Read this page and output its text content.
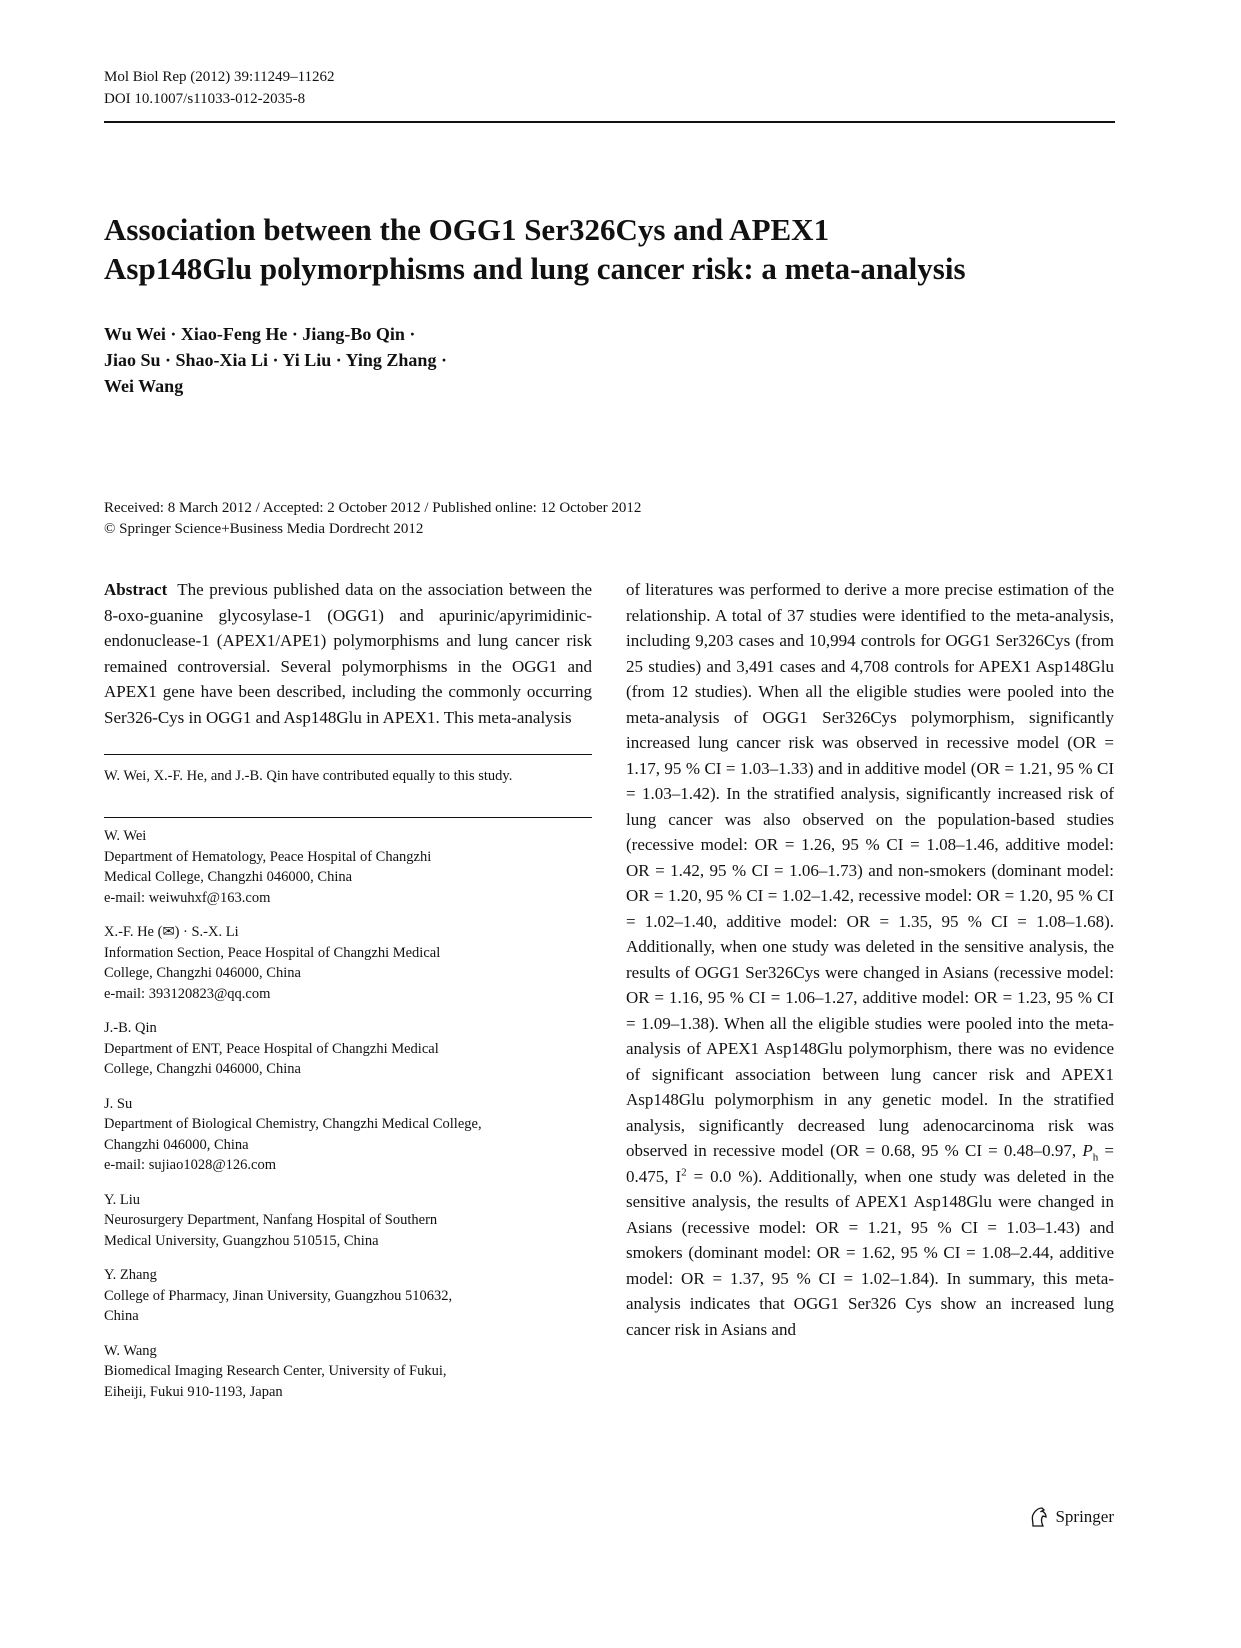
Mol Biol Rep (2012) 39:11249–11262
DOI 10.1007/s11033-012-2035-8
Association between the OGG1 Ser326Cys and APEX1
Asp148Glu polymorphisms and lung cancer risk: a meta-analysis
Wu Wei · Xiao-Feng He · Jiang-Bo Qin ·
Jiao Su · Shao-Xia Li · Yi Liu · Ying Zhang ·
Wei Wang
Received: 8 March 2012 / Accepted: 2 October 2012 / Published online: 12 October 2012
© Springer Science+Business Media Dordrecht 2012
Abstract The previous published data on the association between the 8-oxo-guanine glycosylase-1 (OGG1) and apurinic/apyrimidinic-endonuclease-1 (APEX1/APE1) polymorphisms and lung cancer risk remained controversial. Several polymorphisms in the OGG1 and APEX1 gene have been described, including the commonly occurring Ser326-Cys in OGG1 and Asp148Glu in APEX1. This meta-analysis
W. Wei, X.-F. He, and J.-B. Qin have contributed equally to this study.

W. Wei

Department of Hematology, Peace Hospital of Changzhi

Medical College, Changzhi 046000, China

e-mail: weiwuhxf@163.com

X.-F. He (✉) · S.-X. Li

Information Section, Peace Hospital of Changzhi Medical

College, Changzhi 046000, China

e-mail: 393120823@qq.com

J.-B. Qin

Department of ENT, Peace Hospital of Changzhi Medical

College, Changzhi 046000, China

J. Su

Department of Biological Chemistry, Changzhi Medical College,

Changzhi 046000, China

e-mail: sujiao1028@126.com

Y. Liu

Neurosurgery Department, Nanfang Hospital of Southern

Medical University, Guangzhou 510515, China

Y. Zhang

College of Pharmacy, Jinan University, Guangzhou 510632,

China

W. Wang

Biomedical Imaging Research Center, University of Fukui,

Eiheiji, Fukui 910-1193, Japan

of literatures was performed to derive a more precise estimation of the relationship. A total of 37 studies were identified to the meta-analysis, including 9,203 cases and 10,994 controls for OGG1 Ser326Cys (from 25 studies) and 3,491 cases and 4,708 controls for APEX1 Asp148Glu (from 12 studies). When all the eligible studies were pooled into the meta-analysis of OGG1 Ser326Cys polymorphism, significantly increased lung cancer risk was observed in recessive model (OR = 1.17, 95 % CI = 1.03–1.33) and in additive model (OR = 1.21, 95 % CI = 1.03–1.42). In the stratified analysis, significantly increased risk of lung cancer was also observed on the population-based studies (recessive model: OR = 1.26, 95 % CI = 1.08–1.46, additive model: OR = 1.42, 95 % CI = 1.06–1.73) and non-smokers (dominant model: OR = 1.20, 95 % CI = 1.02–1.42, recessive model: OR = 1.20, 95 % CI = 1.02–1.40, additive model: OR = 1.35, 95 % CI = 1.08–1.68). Additionally, when one study was deleted in the sensitive analysis, the results of OGG1 Ser326Cys were changed in Asians (recessive model: OR = 1.16, 95 % CI = 1.06–1.27, additive model: OR = 1.23, 95 % CI = 1.09–1.38). When all the eligible studies were pooled into the meta-analysis of APEX1 Asp148Glu polymorphism, there was no evidence of significant association between lung cancer risk and APEX1 Asp148Glu polymorphism in any genetic model. In the stratified analysis, significantly decreased lung adenocarcinoma risk was observed in recessive model (OR = 0.68, 95 % CI = 0.48–0.97, $P_h = 0.475$, $I^2 = 0.0$ %). Additionally, when one study was deleted in the sensitive analysis, the results of APEX1 Asp148Glu were changed in Asians (recessive model: OR = 1.21, 95 % CI = 1.03–1.43) and smokers (dominant model: OR = 1.62, 95 % CI = 1.08–2.44, additive model: OR = 1.37, 95 % CI = 1.02–1.84). In summary, this meta-analysis indicates that OGG1 Ser326 Cys show an increased lung cancer risk in Asians and
Springer
